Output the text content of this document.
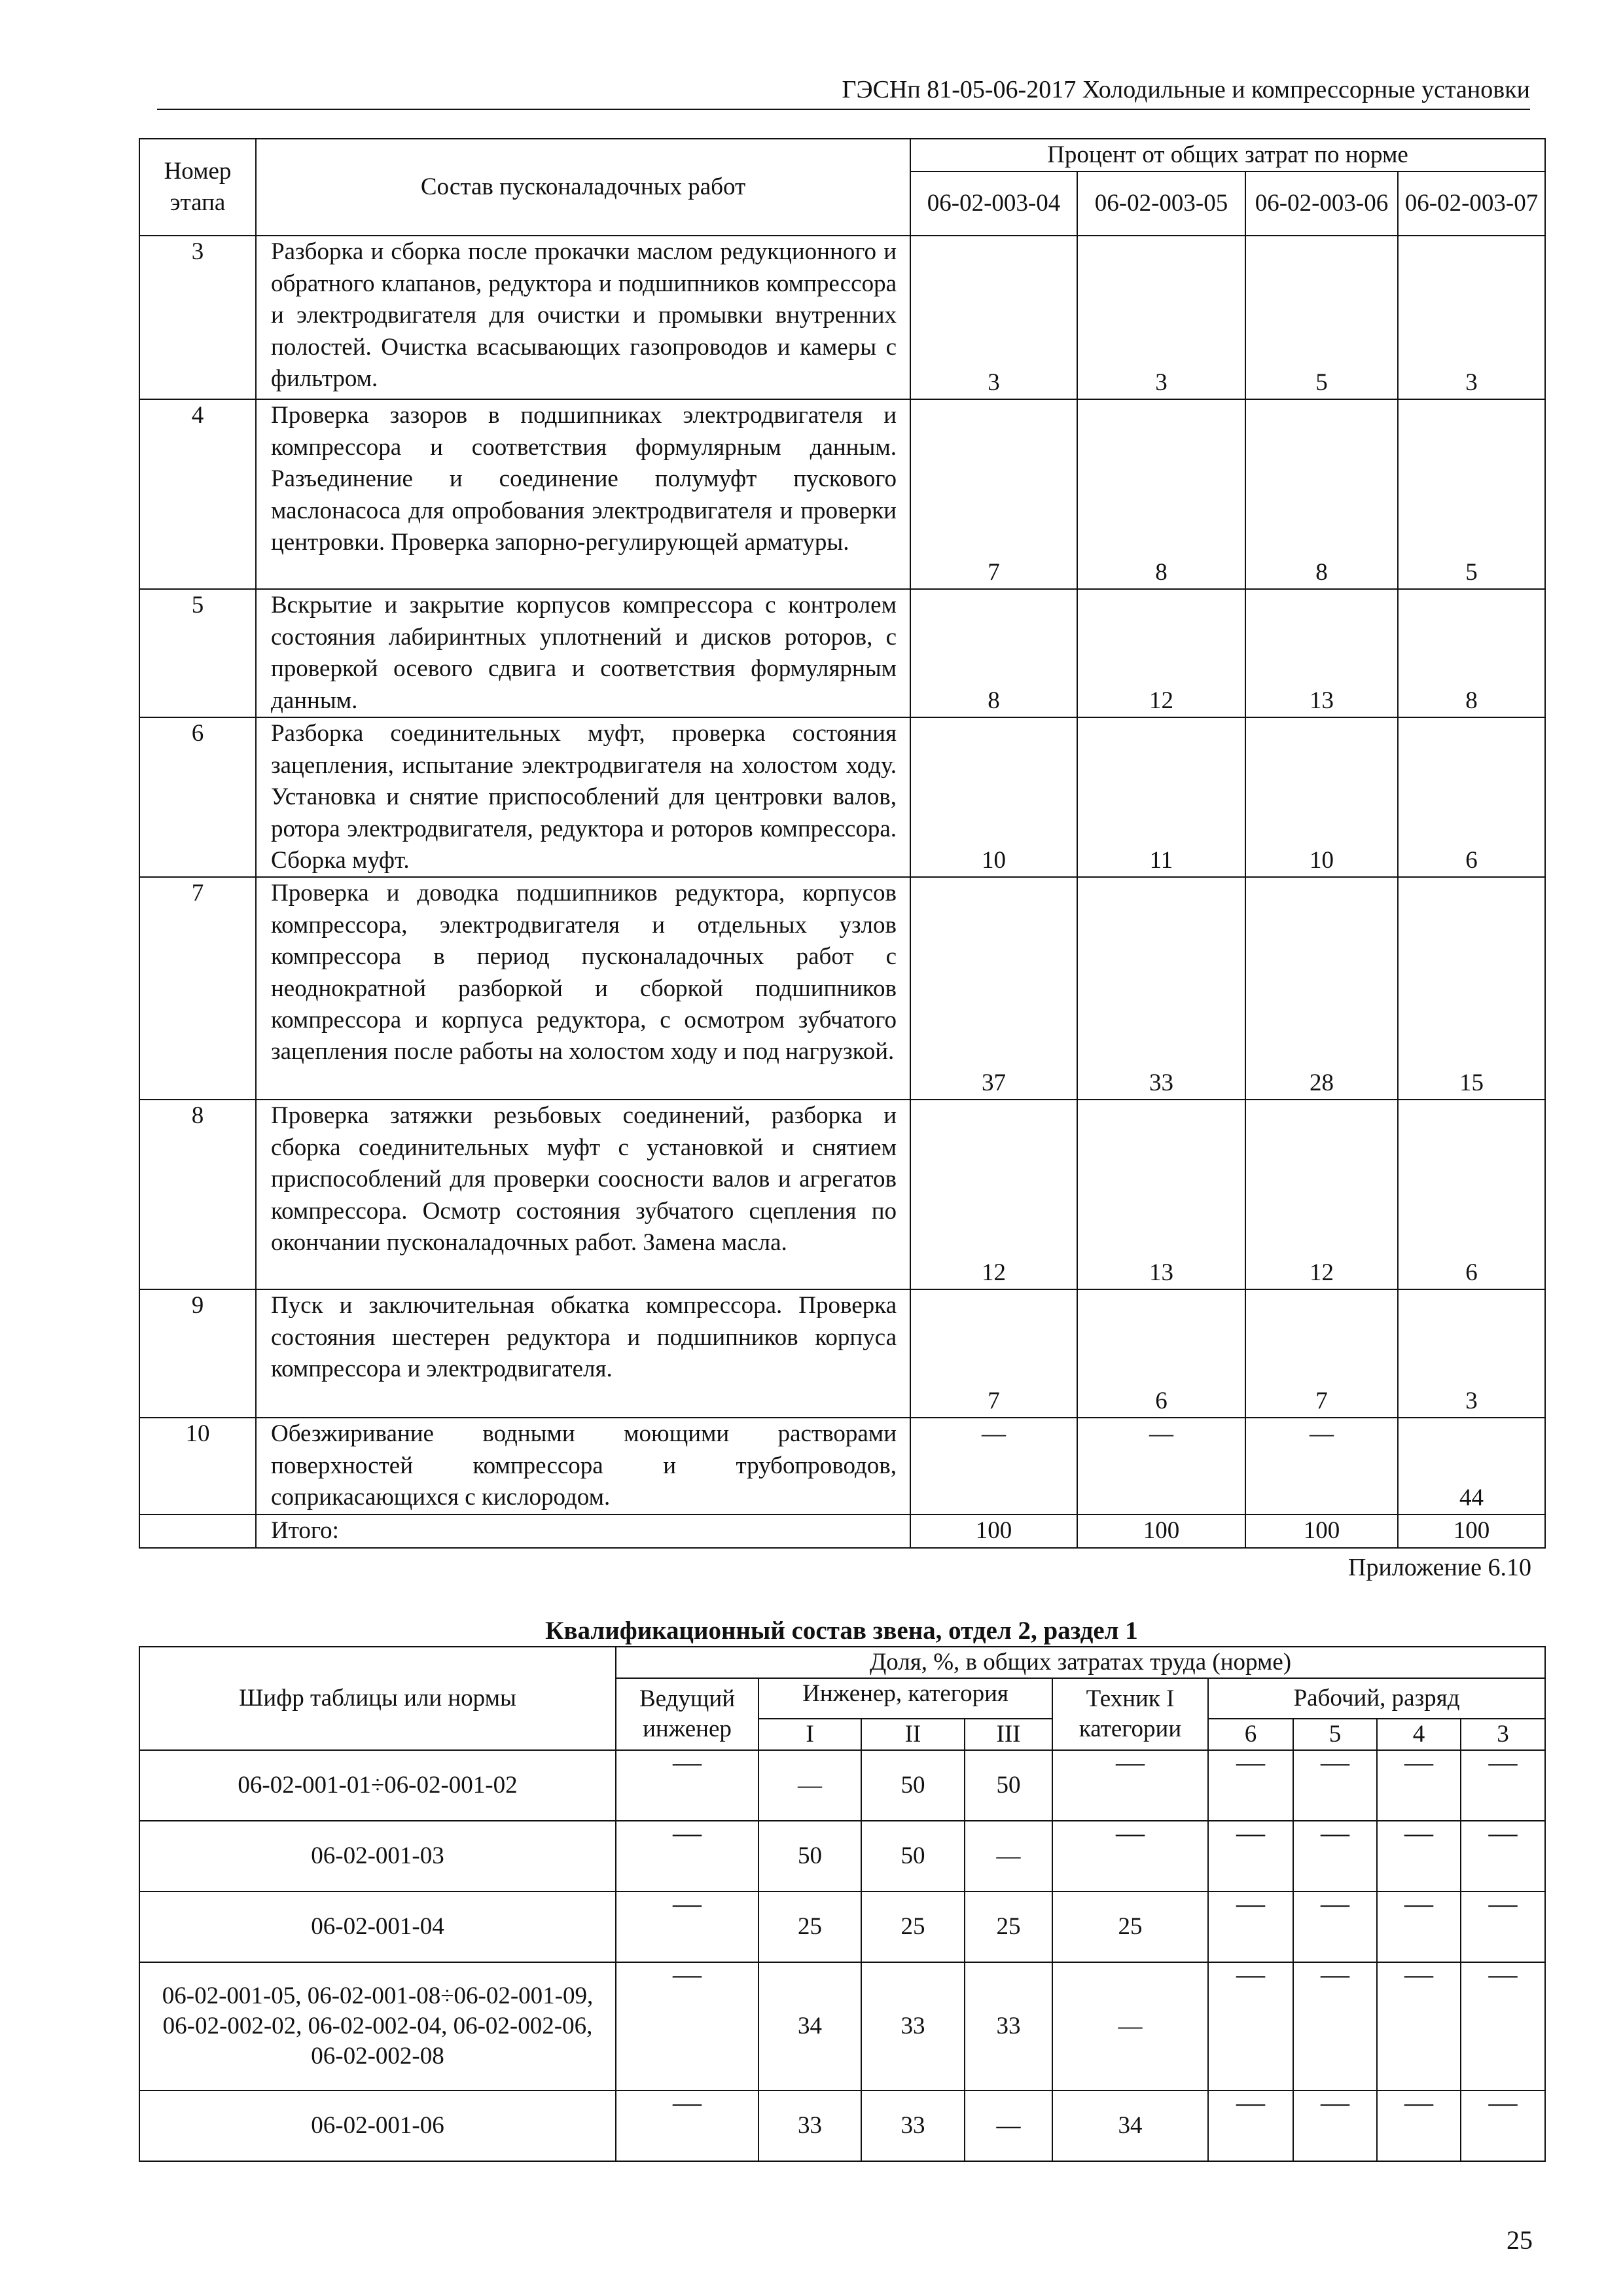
ГЭСНп 81-05-06-2017 Холодильные и компрессорные установки
Номер этапа	Состав пусконаладочных работ	Процент от общих затрат по норме			
		06-02-003-04	06-02-003-05	06-02-003-06	06-02-003-07
3	Разборка и сборка после прокачки маслом редукционного и обратного клапанов, редуктора и подшипников компрессора и электродвигателя для очистки и промывки внутренних полостей. Очистка всасывающих газопроводов и камеры с фильтром.	3	3	5	3
4	Проверка зазоров в подшипниках электродвигателя и компрессора и соответствия формулярным данным. Разъединение и соединение полумуфт пускового маслонасоса для опробования электродвигателя и проверки центровки. Проверка запорно-регулирующей арматуры.	7	8	8	5
5	Вскрытие и закрытие корпусов компрессора с контролем состояния лабиринтных уплотнений и дисков роторов, с проверкой осевого сдвига и соответствия формулярным данным.	8	12	13	8
6	Разборка соединительных муфт, проверка состояния зацепления, испытание электродвигателя на холостом ходу. Установка и снятие приспособлений для центровки валов, ротора электродвигателя, редуктора и роторов компрессора. Сборка муфт.	10	11	10	6
7	Проверка и доводка подшипников редуктора, корпусов компрессора, электродвигателя и отдельных узлов компрессора в период пусконаладочных работ с неоднократной разборкой и сборкой подшипников компрессора и корпуса редуктора, с осмотром зубчатого зацепления после работы на холостом ходу и под нагрузкой.	37	33	28	15
8	Проверка затяжки резьбовых соединений, разборка и сборка соединительных муфт с установкой и снятием приспособлений для проверки соосности валов и агрегатов компрессора. Осмотр состояния зубчатого сцепления по окончании пусконаладочных работ. Замена масла.	12	13	12	6
9	Пуск и заключительная обкатка компрессора. Проверка состояния шестерен редуктора и подшипников корпуса компрессора и электродвигателя.	7	6	7	3
10	Обезжиривание водными моющими растворами поверхностей компрессора и трубопроводов, соприкасающихся с кислородом.	—	—	—	44
	Итого:	100	100	100	100
Приложение 6.10
Квалификационный состав звена, отдел 2, раздел 1
Шифр таблицы или нормы	Доля, %, в общих затратах труда (норме)								
	Ведущий инженер	Инженер, категория			Техник I категории	Рабочий, разряд			
		I	II	III		6	5	4	3
06-02-001-01÷06-02-001-02	—	—	50	50	—	—	—	—	—

06-02-001-03	—	50	50	—	—	—	—	—	—

06-02-001-04	—	25	25	25	25	—	—	—	—

06-02-001-05, 06-02-001-08÷06-02-001-09, 06-02-002-02, 06-02-002-04, 06-02-002-06, 06-02-002-08	—	34	33	33	—	—	—	—	—

06-02-001-06	—	33	33	—	34	—	—	—	—
25
